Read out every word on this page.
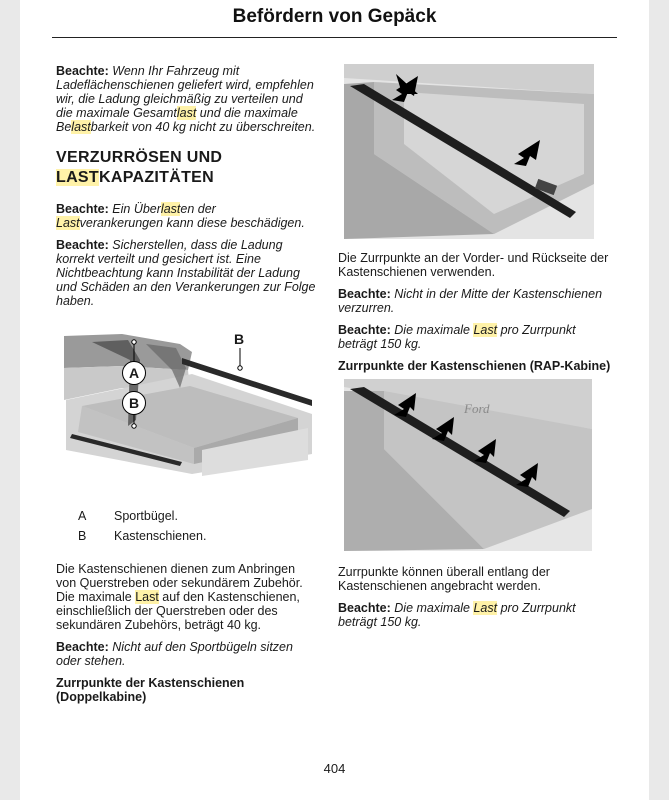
Befördern von Gepäck

Beachte: Wenn Ihr Fahrzeug mit Ladeflächenschienen geliefert wird, empfehlen wir, die Ladung gleichmäßig zu verteilen und die maximale Gesamtlast und die maximale Belastbarkeit von 40 kg nicht zu überschreiten.

VERZURRÖSEN UND
LASTKAPAZITÄTEN

Beachte: Ein Überlasten der Lastverankerungen kann diese beschädigen.

Beachte: Sicherstellen, dass die Ladung korrekt verteilt und gesichert ist. Eine Nichtbeachtung kann Instabilität der Ladung und Schäden an den Verankerungen zur Folge haben.

A
B
B
A	Sportbügel.
B	Kastenschienen.

Die Kastenschienen dienen zum Anbringen von Querstreben oder sekundärem Zubehör. Die maximale Last auf den Kastenschienen, einschließlich der Querstreben oder des sekundären Zubehörs, beträgt 40 kg.

Beachte: Nicht auf den Sportbügeln sitzen oder stehen.

Zurrpunkte der Kastenschienen (Doppelkabine)

Die Zurrpunkte an der Vorder- und Rückseite der Kastenschienen verwenden.

Beachte: Nicht in der Mitte der Kastenschienen verzurren.

Beachte: Die maximale Last pro Zurrpunkt beträgt 150 kg.

Zurrpunkte der Kastenschienen (RAP-Kabine)
Ford

Zurrpunkte können überall entlang der Kastenschienen angebracht werden.

Beachte: Die maximale Last pro Zurrpunkt beträgt 150 kg.

404
